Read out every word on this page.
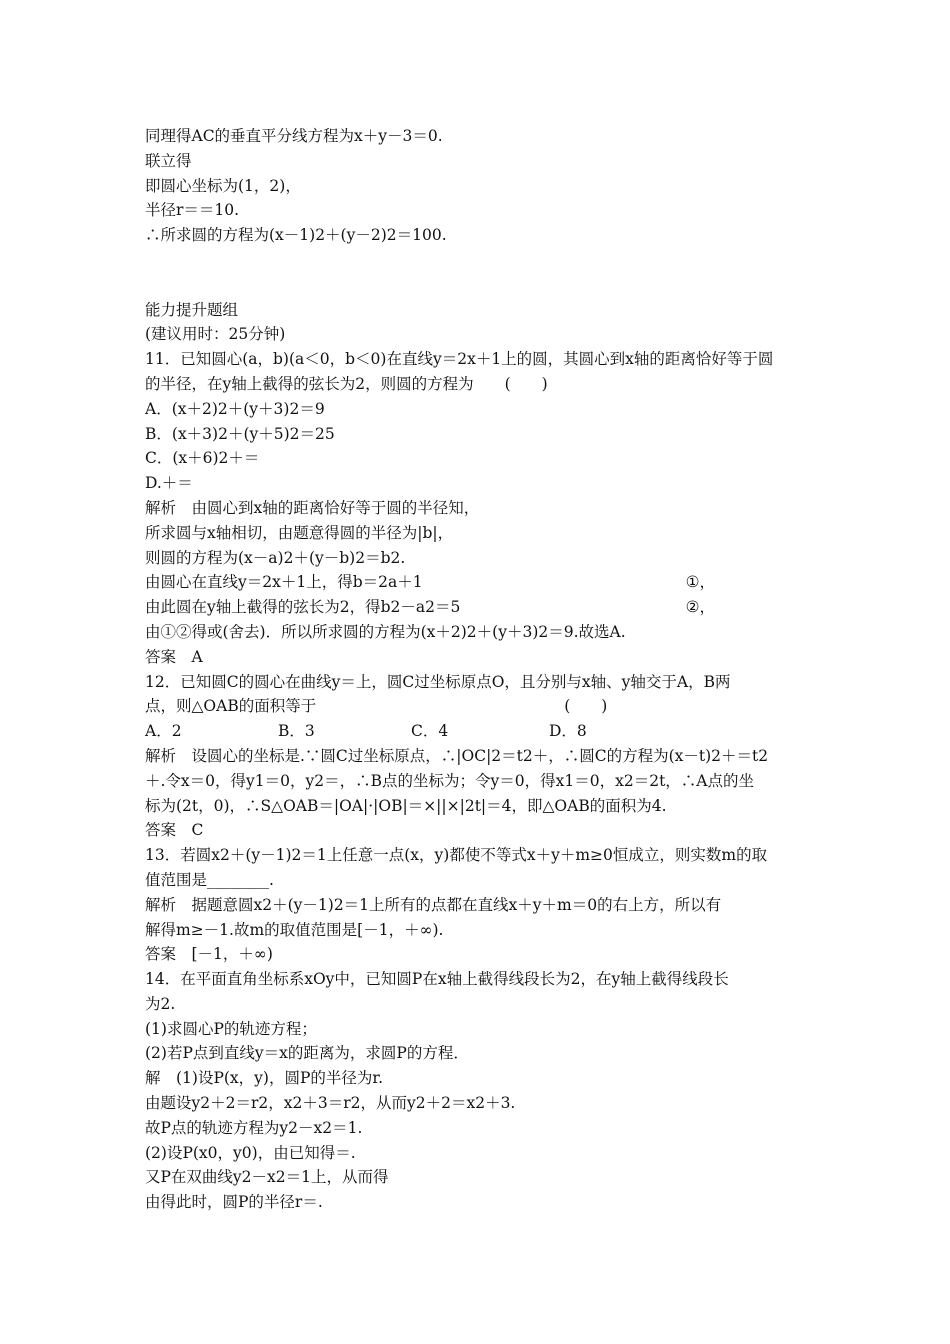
同理得AC的垂直平分线方程为x＋y－3＝0.
联立得
即圆心坐标为(1，2)，
半径r＝＝10.
∴所求圆的方程为(x－1)2＋(y－2)2＝100.
能力提升题组
(建议用时：25分钟)
11．已知圆心(a，b)(a＜0，b＜0)在直线y＝2x＋1上的圆，其圆心到x轴的距离恰好等于圆
的半径，在y轴上截得的弦长为2，则圆的方程为　　(　　)
A．(x＋2)2＋(y＋3)2＝9
B．(x＋3)2＋(y＋5)2＝25
C．(x＋6)2＋＝
D.＋＝
解析　由圆心到x轴的距离恰好等于圆的半径知，
所求圆与x轴相切，由题意得圆的半径为|b|，
则圆的方程为(x－a)2＋(y－b)2＝b2.
由圆心在直线y＝2x＋1上，得b＝2a＋1	①，
由此圆在y轴上截得的弦长为2，得b2－a2＝5	②，
由①②得或(舍去)．所以所求圆的方程为(x＋2)2＋(y＋3)2＝9.故选A.
答案　A
12．已知圆C的圆心在曲线y＝上，圆C过坐标原点O，且分别与x轴、y轴交于A，B两
点，则△OAB的面积等于　　　　　　　　　　　　　　　　(　　)
A．2	B．3	C．4	D．8
解析　设圆心的坐标是.∵圆C过坐标原点，∴|OC|2＝t2＋，∴圆C的方程为(x－t)2＋＝t2
＋.令x＝0，得y1＝0，y2＝，∴B点的坐标为；令y＝0，得x1＝0，x2＝2t，∴A点的坐
标为(2t，0)，∴S△OAB＝|OA|·|OB|＝×||×|2t|＝4，即△OAB的面积为4.
答案　C
13．若圆x2＋(y－1)2＝1上任意一点(x，y)都使不等式x＋y＋m≥0恒成立，则实数m的取
值范围是________.
解析　据题意圆x2＋(y－1)2＝1上所有的点都在直线x＋y＋m＝0的右上方，所以有
解得m≥－1.故m的取值范围是[－1，＋∞).
答案　[－1，＋∞)
14．在平面直角坐标系xOy中，已知圆P在x轴上截得线段长为2，在y轴上截得线段长
为2.
(1)求圆心P的轨迹方程；
(2)若P点到直线y＝x的距离为，求圆P的方程．
解　(1)设P(x，y)，圆P的半径为r.
由题设y2＋2＝r2，x2＋3＝r2，从而y2＋2＝x2＋3.
故P点的轨迹方程为y2－x2＝1.
(2)设P(x0，y0)，由已知得＝.
又P在双曲线y2－x2＝1上，从而得
由得此时，圆P的半径r＝.
